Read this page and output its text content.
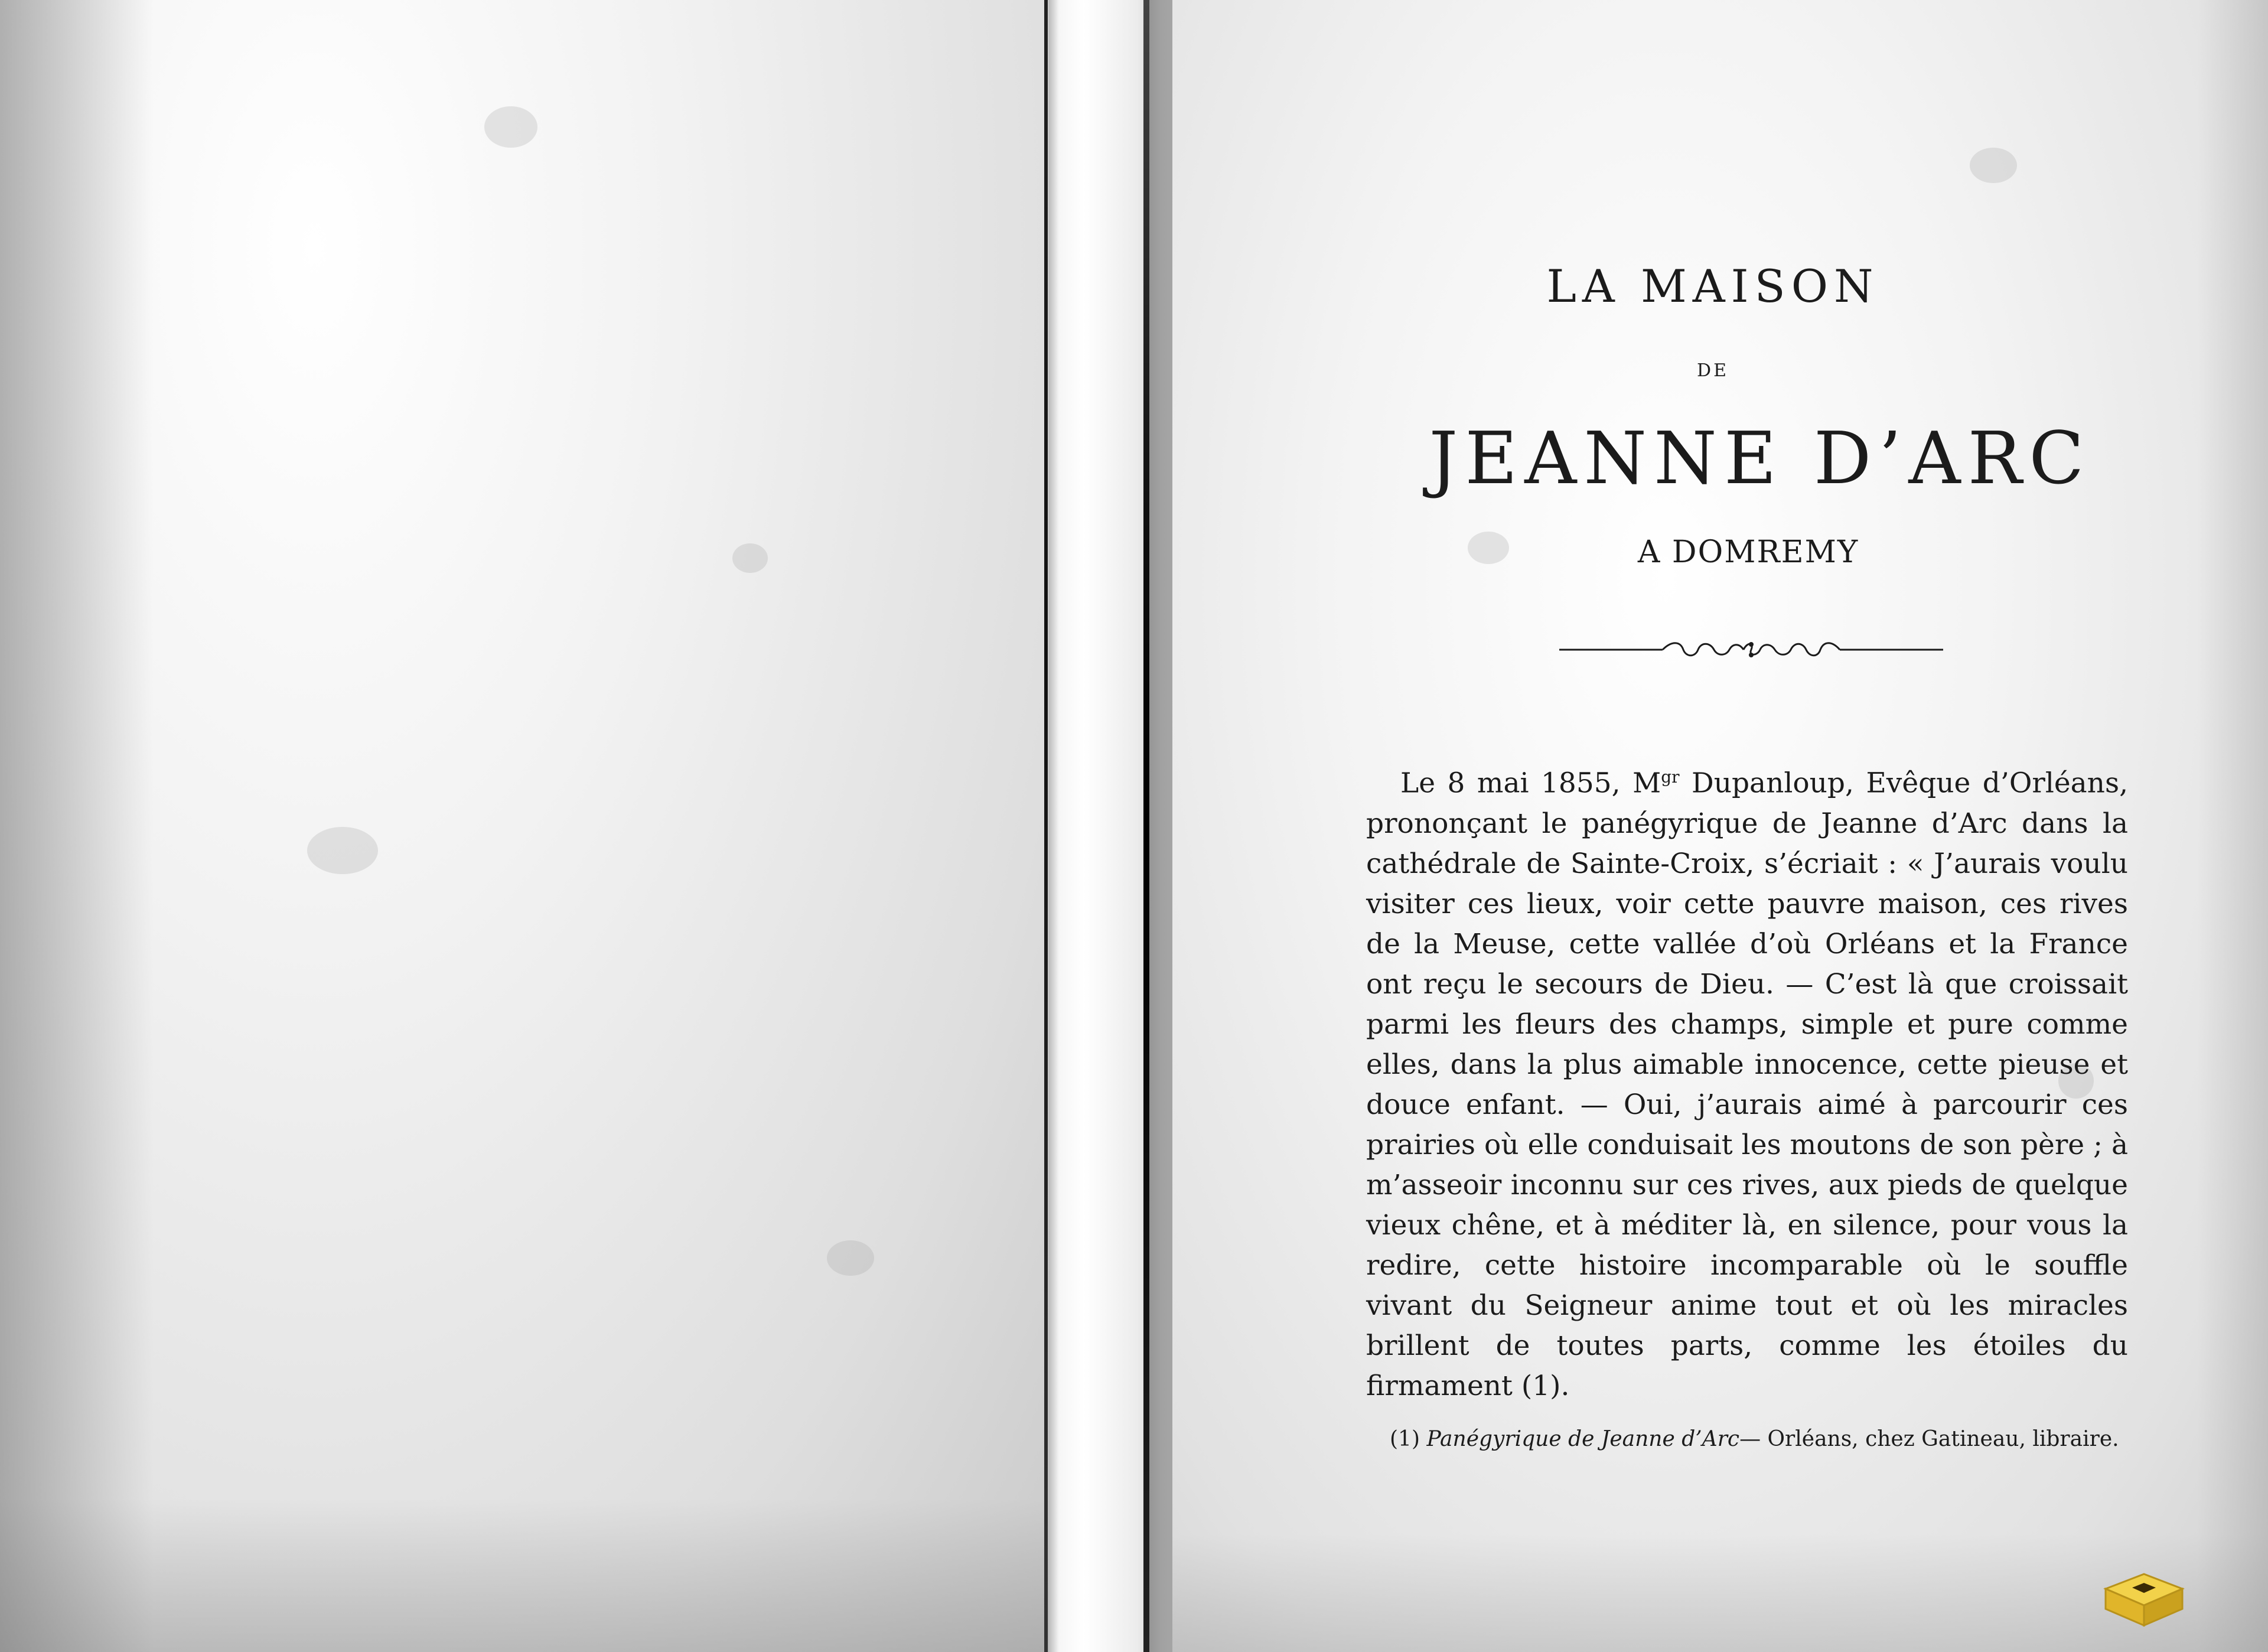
LA MAISON
DE
JEANNE D’ARC
A DOMREMY

Le 8 mai 1855, $M^{gr}$ Dupanloup, Evêque d’Orléans, prononçant le panégyrique de Jeanne d’Arc dans la cathédrale de Sainte-Croix, s’écriait : « J’aurais voulu visiter ces lieux, voir cette pauvre maison, ces rives de la Meuse, cette vallée d’où Orléans et la France ont reçu le secours de Dieu. — C’est là que croissait parmi les fleurs des champs, simple et pure comme elles, dans la plus aimable innocence, cette pieuse et douce enfant. — Oui, j’aurais aimé à parcourir ces prairies où elle conduisait les moutons de son père ; à m’asseoir inconnu sur ces rives, aux pieds de quelque vieux chêne, et à méditer là, en silence, pour vous la redire, cette histoire incomparable où le souffle vivant du Seigneur anime tout et où les miracles brillent de toutes parts, comme les étoiles du firmament (1).

(1) Panégyrique de Jeanne d’Arc— Orléans, chez Gatineau, libraire.
